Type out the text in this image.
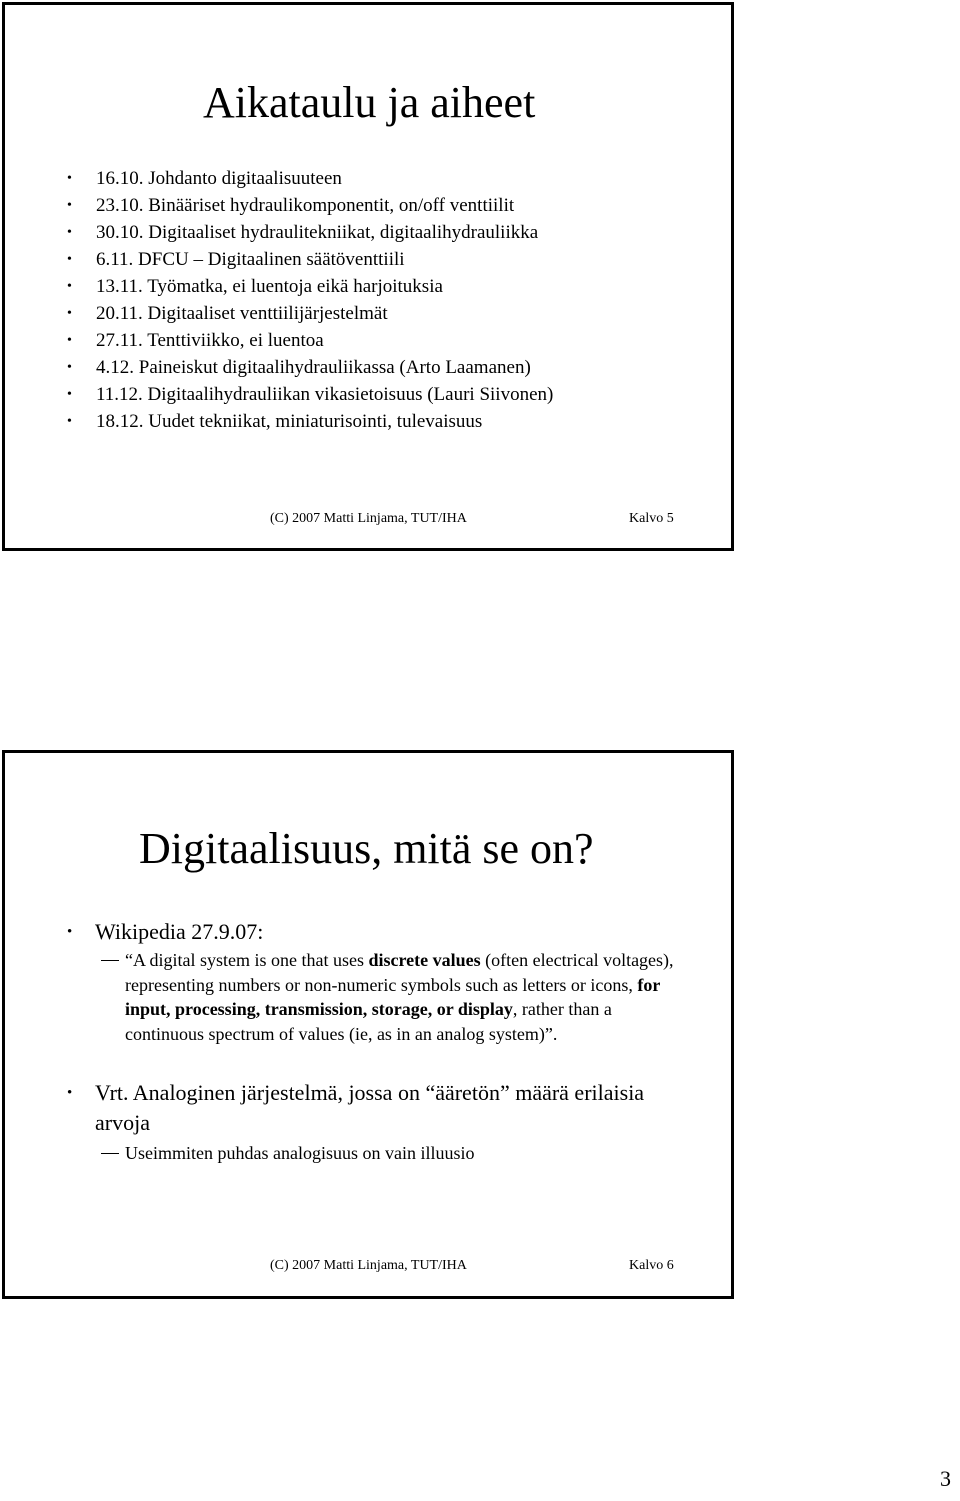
Aikataulu ja aiheet
• 16.10. Johdanto digitaalisuuteen
• 23.10. Binääriset hydraulikomponentit, on/off venttiilit
• 30.10. Digitaaliset hydraulitekniikat, digitaalihydrauliikka
• 6.11. DFCU – Digitaalinen säätöventtiili
• 13.11. Työmatka, ei luentoja eikä harjoituksia
• 20.11. Digitaaliset venttiilijärjestelmät
• 27.11. Tenttiviikko, ei luentoa
• 4.12. Paineiskut digitaalihydrauliikassa (Arto Laamanen)
• 11.12. Digitaalihydrauliikan vikasietoisuus (Lauri Siivonen)
• 18.12. Uudet tekniikat, miniaturisointi, tulevaisuus
(C) 2007 Matti Linjama, TUT/IHA	Kalvo 5
Digitaalisuus, mitä se on?
• Wikipedia 27.9.07:
“A digital system is one that uses discrete values (often electrical voltages), representing numbers or non-numeric symbols such as letters or icons, for input, processing, transmission, storage, or display, rather than a continuous spectrum of values (ie, as in an analog system)”.
• Vrt. Analoginen järjestelmä, jossa on “ääretön” määrä erilaisia arvoja
Useimmiten puhdas analogisuus on vain illuusio
(C) 2007 Matti Linjama, TUT/IHA	Kalvo 6
3
